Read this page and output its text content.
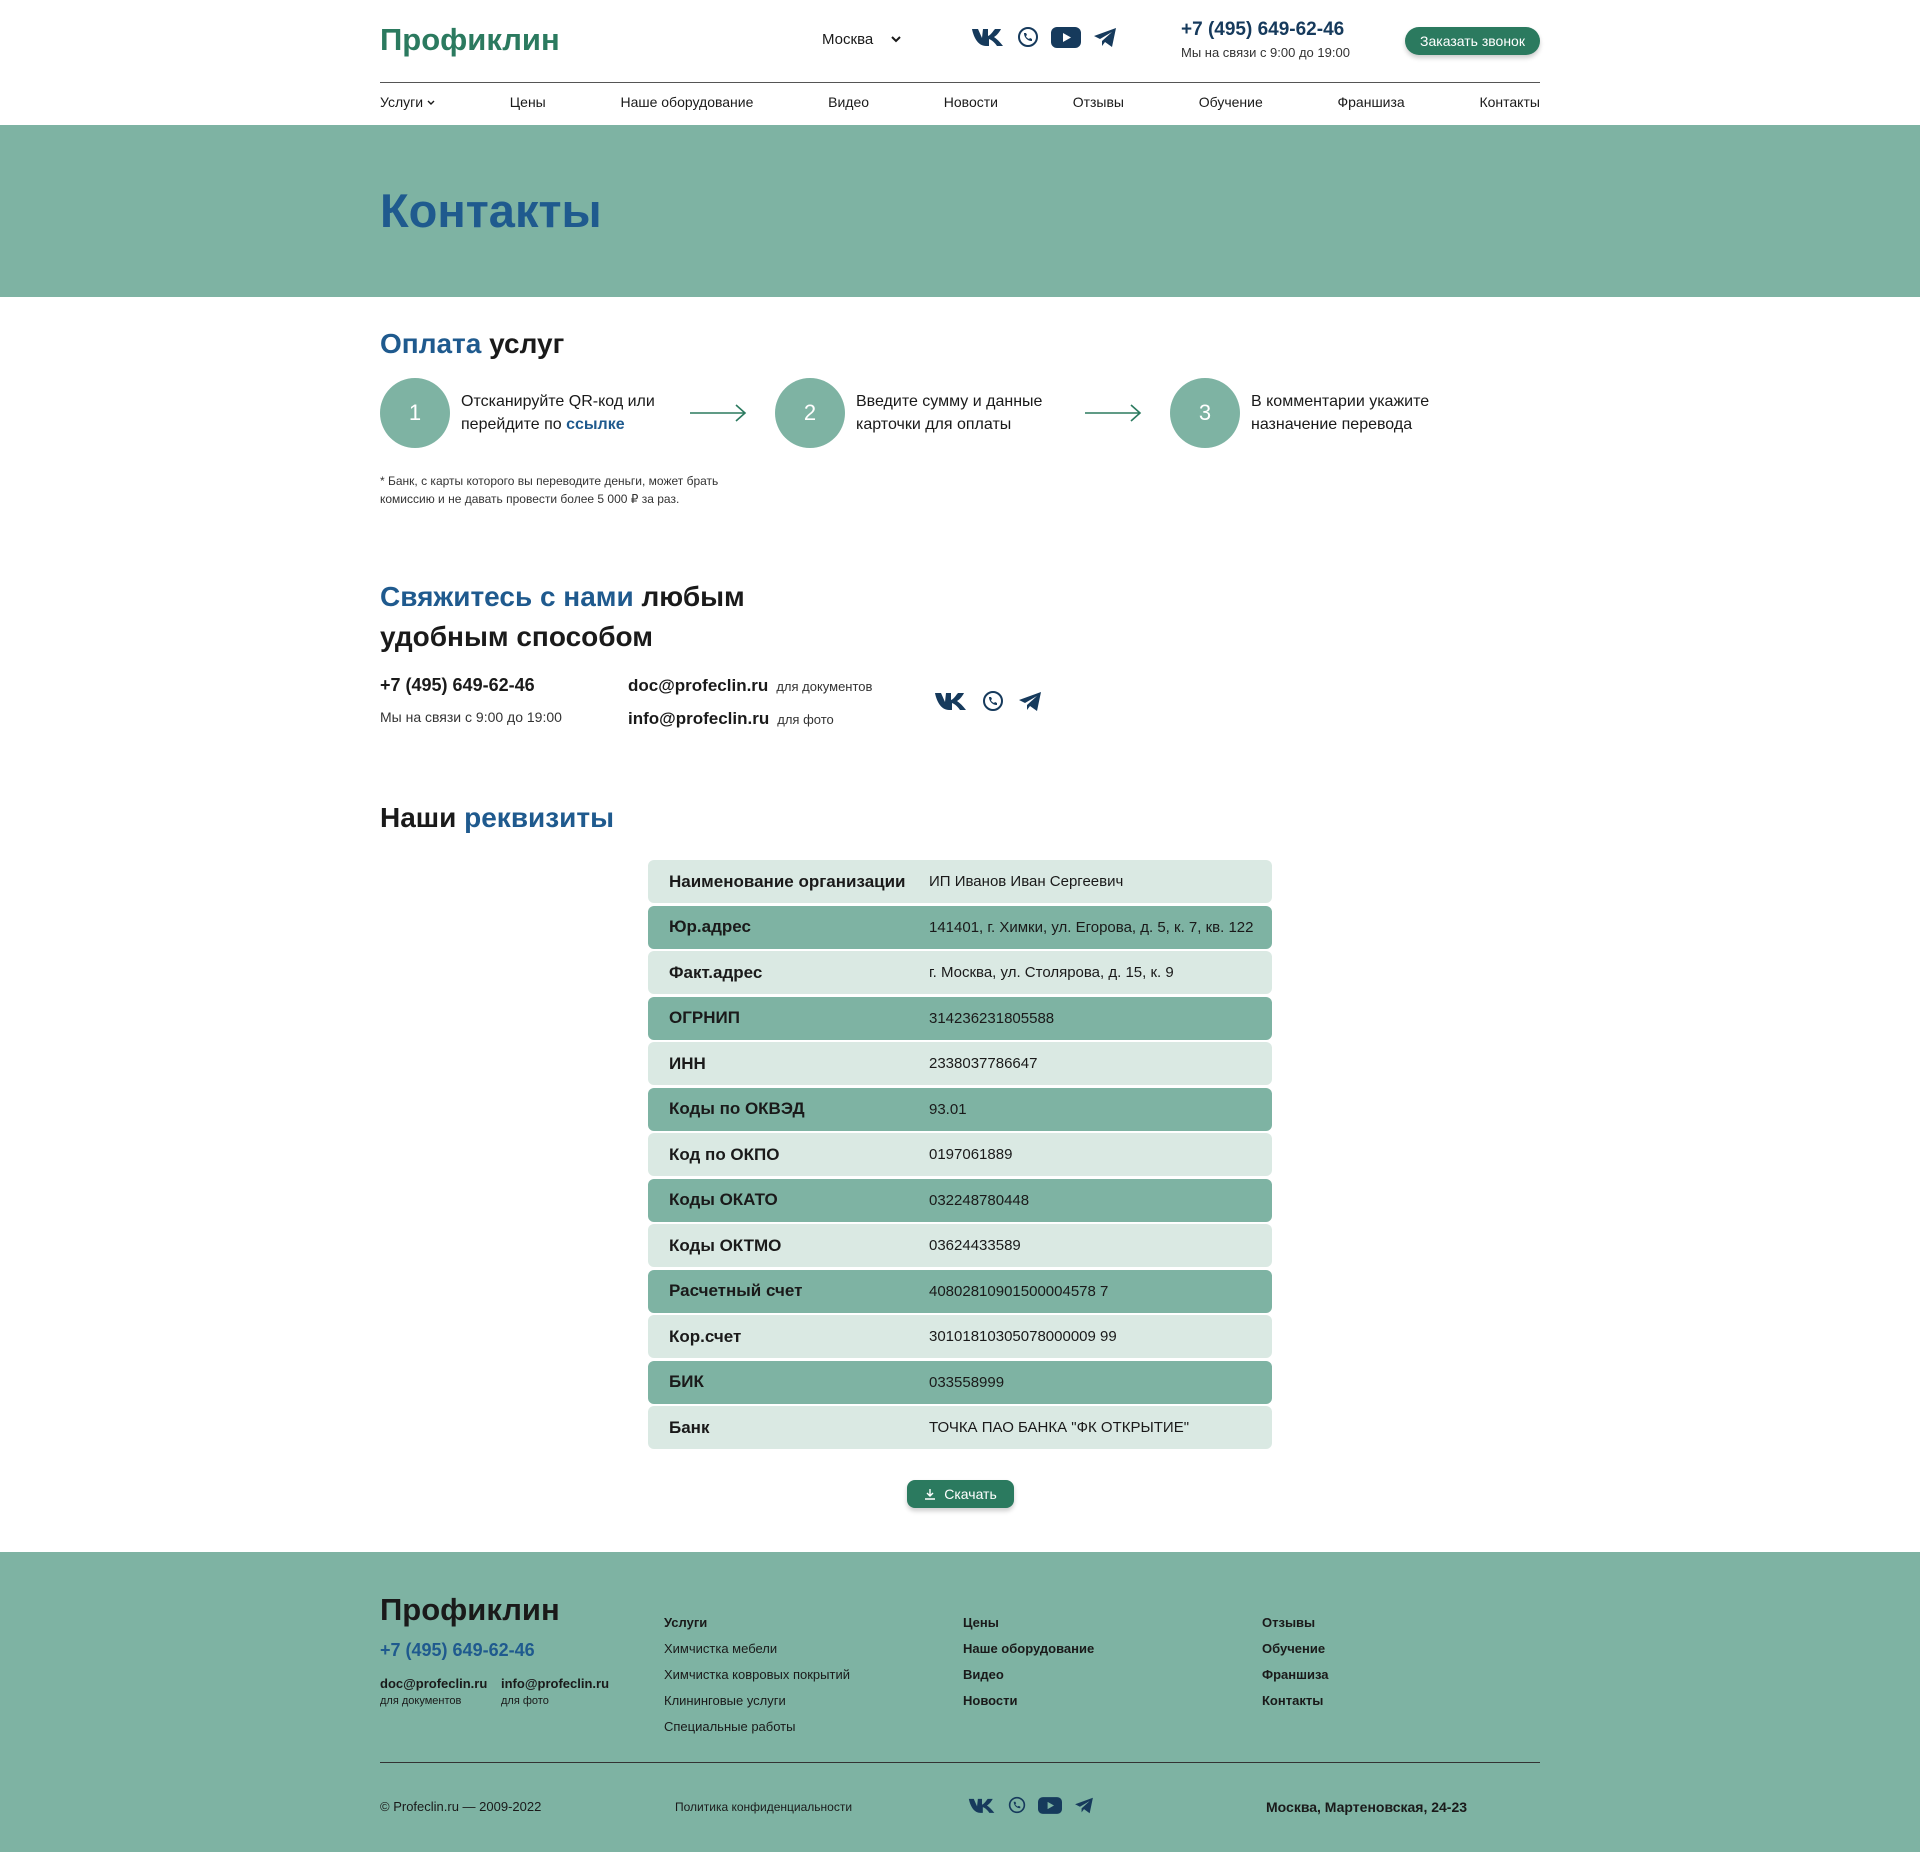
Профиклин	Москва	+7 (495) 649-62-46
Мы на связи с 9:00 до 19:00
Заказать звонок
Услуги	Цены	Наше оборудование	Видео	Новости	Отзывы	Обучение	Франшиза	Контакты
Контакты
Оплата услуг
1	Отсканируйте QR-код или перейдите по ссылке	2	Введите сумму и данные карточки для оплаты	3	В комментарии укажите назначение перевода
* Банк, с карты которого вы переводите деньги, может брать комиссию и не давать провести более 5 000 ₽ за раз.
Свяжитесь с нами любым
удобным способом
+7 (495) 649-62-46
Мы на связи с 9:00 до 19:00
doc@profeclin.ru для документов
info@profeclin.ru для фото
Наши реквизиты
Наименование организации	ИП Иванов Иван Сергеевич
Юр.адрес	141401, г. Химки, ул. Егорова, д. 5, к. 7, кв. 122
Факт.адрес	г. Москва, ул. Столярова, д. 15, к. 9
ОГРНИП	314236231805588
ИНН	2338037786647
Коды по ОКВЭД	93.01
Код по ОКПО	0197061889
Коды ОКАТО	032248780448
Коды ОКТМО	03624433589
Расчетный счет	40802810901500004578 7
Кор.счет	30101810305078000009 99
БИК	033558999
Банк	ТОЧКА ПАО БАНКА "ФК ОТКРЫТИЕ"
Скачать
Профиклин
+7 (495) 649-62-46
doc@profeclin.ru
для документов
info@profeclin.ru
для фото
Услуги
Химчистка мебели
Химчистка ковровых покрытий
Клининговые услуги
Специальные работы
Цены
Наше оборудование
Видео
Новости
Отзывы
Обучение
Франшиза
Контакты
© Profeclin.ru — 2009-2022	Политика конфиденциальности	Москва, Мартеновская, 24-23
